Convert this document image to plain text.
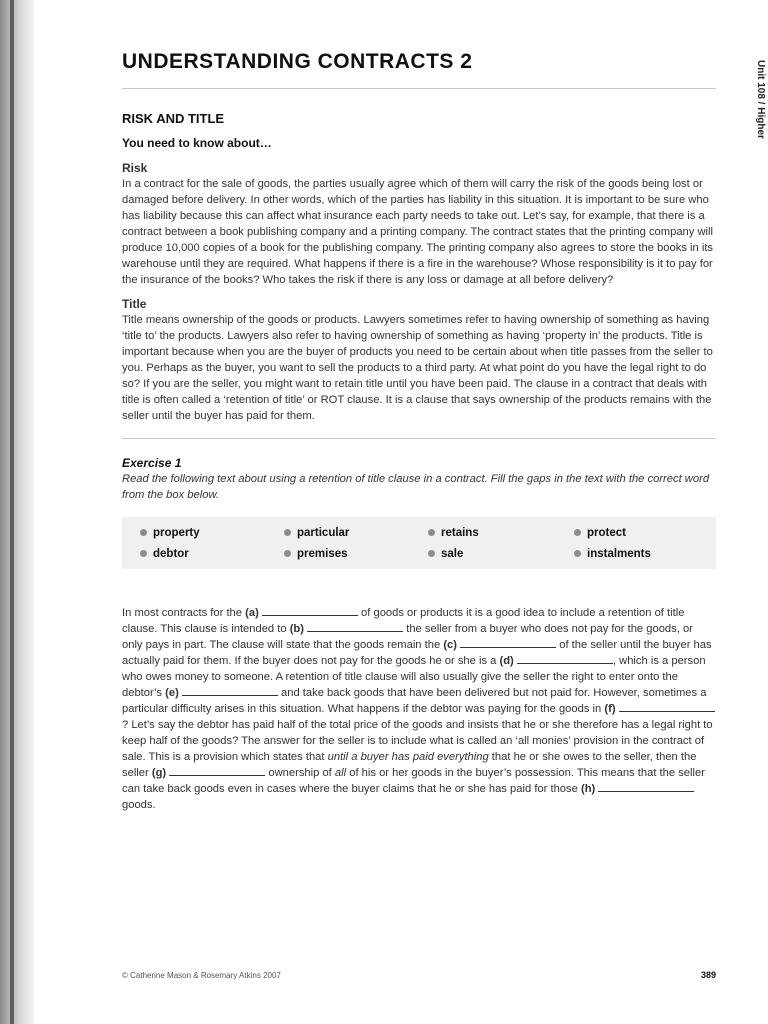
Unit 108 / Higher
UNDERSTANDING CONTRACTS 2
RISK AND TITLE

You need to know about…

Risk

In a contract for the sale of goods, the parties usually agree which of them will carry the risk of the goods being lost or damaged before delivery. In other words, which of the parties has liability in this situation. It is important to be sure who has liability because this can affect what insurance each party needs to take out. Let’s say, for example, that there is a contract between a book publishing company and a printing company. The contract states that the printing company will produce 10,000 copies of a book for the publishing company. The printing company also agrees to store the books in its warehouse until they are required. What happens if there is a fire in the warehouse? Whose responsibility is it to pay for the insurance of the books? Who takes the risk if there is any loss or damage at all before delivery?

Title

Title means ownership of the goods or products. Lawyers sometimes refer to having ownership of something as having ‘title to’ the products. Lawyers also refer to having ownership of something as having ‘property in’ the products. Title is important because when you are the buyer of products you need to be certain about when title passes from the seller to you. Perhaps as the buyer, you want to sell the products to a third party. At what point do you have the legal right to do so? If you are the seller, you might want to retain title until you have been paid. The clause in a contract that deals with title is often called a ‘retention of title’ or ROT clause. It is a clause that says ownership of the products remains with the seller until the buyer has paid for them.

Exercise 1

Read the following text about using a retention of title clause in a contract. Fill the gaps in the text with the correct word from the box below.

property	particular	retains	protect
debtor	premises	sale	instalments

In most contracts for the (a)	of goods or products it is a good idea to include a retention of title clause. This clause is intended to (b)	the seller from a buyer who does not pay for the goods, or only pays in part. The clause will state that the goods remain the (c)	of the seller until the buyer has actually paid for them. If the buyer does not pay for the goods he or she is a (d)	, which is a person who owes money to someone. A retention of title clause will also usually give the seller the right to enter onto the debtor’s (e)	and take back goods that have been delivered but not paid for. However, sometimes a particular difficulty arises in this situation. What happens if the debtor was paying for the goods in (f) ? Let’s say the debtor has paid half of the total price of the goods and insists that he or she therefore has a legal right to keep half of the goods? The answer for the seller is to include what is called an ‘all monies’ provision in the contract of sale. This is a provision which states that until a buyer has paid everything that he or she owes to the seller, then the seller (g)	ownership of all of his or her goods in the buyer’s possession. This means that the seller can take back goods even in cases where the buyer claims that he or she has paid for those (h)  goods.

© Catherine Mason & Rosemary Atkins 2007	389
